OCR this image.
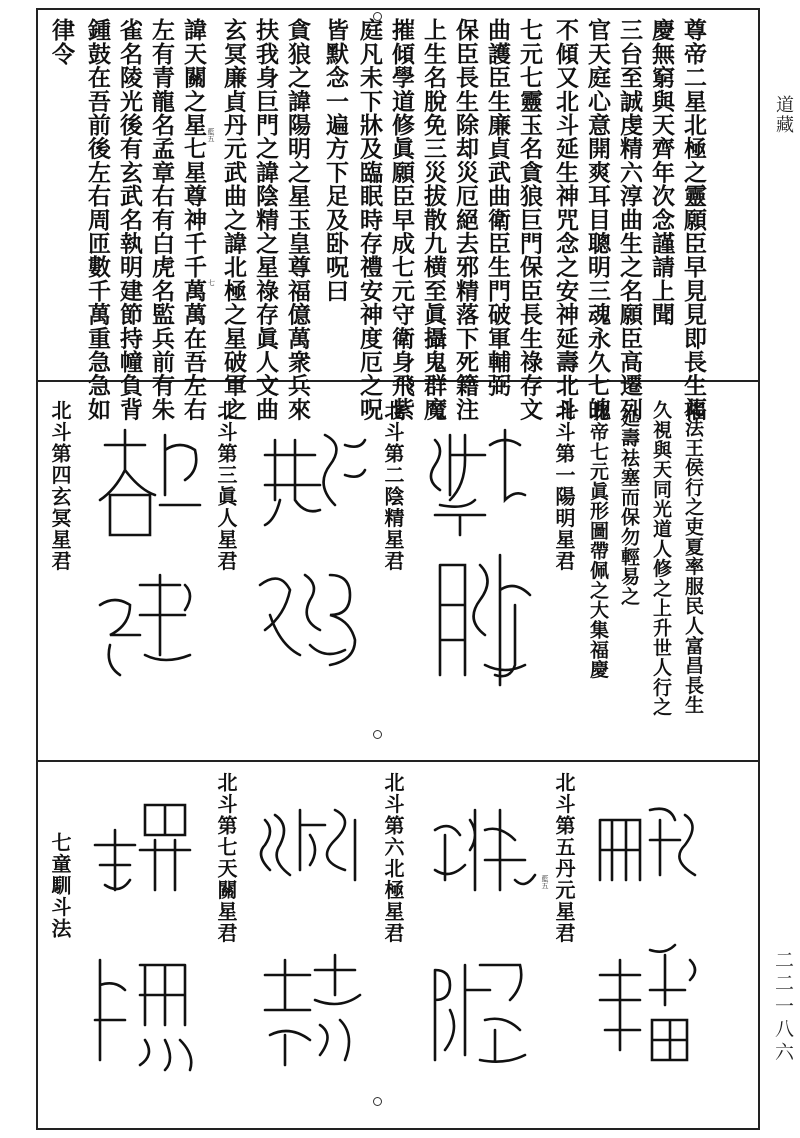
道藏
二二一八六
尊帝二星北極之靈願臣早見見即長生福
慶無窮與天齊年次念謹請上聞
三台至誠虔精六淳曲生之名願臣高遷列
官天庭心意開爽耳目聰明三魂永久七魄
不傾又北斗延生神咒念之安神延壽北斗
七元七靈玉名貪狼巨門保臣長生祿存文
曲護臣生廉貞武曲衛臣生門破軍輔弼
保臣長生除却災厄絕去邪精落下死籍注
上生名脫免三災拔散九横至眞攝鬼群魔
摧傾學道修眞願臣早成七元守衛身飛紫
庭凡未下牀及臨眠時存禮安神度厄之呪
皆默念一遍方下足及卧呪曰
貪狼之諱陽明之星玉皇尊福億萬衆兵來
扶我身巨門之諱陰精之星祿存眞人文曲
玄冥廉貞丹元武曲之諱北極之星破軍之
諱天關之星七星尊神千千萬萬在吾左右
左有青龍名孟章右有白虎名監兵前有朱
雀名陵光後有玄武名執明建節持幢負背
鍾鼓在吾前後左右周匝數千萬重急急如
律令
藍五
七
此法王侯行之吏夏率服民人富昌長生
久視與天同光道人修之上升世人行之
延壽祛塞而保勿輕易之
北帝七元眞形圖帶佩之大集福慶
北斗第一陽明星君
北斗第二陰精星君
北斗第三眞人星君
北斗第四玄冥星君
北斗第五丹元星君
北斗第六北極星君
北斗第七天關星君
七童馴斗法	藍五
